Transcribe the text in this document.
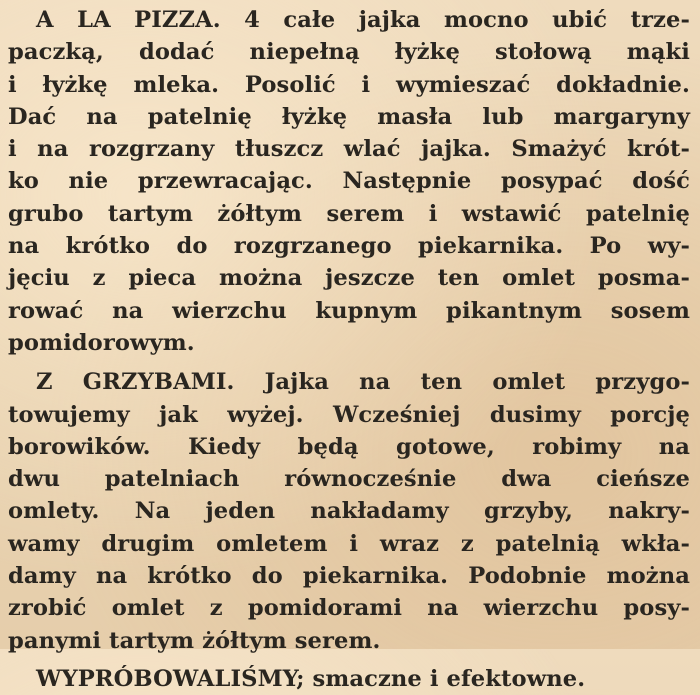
A LA PIZZA. 4 całe jajka mocno ubić trze-
paczką, dodać niepełną łyżkę stołową mąki
i łyżkę mleka. Posolić i wymieszać dokładnie.
Dać na patelnię łyżkę masła lub margaryny
i na rozgrzany tłuszcz wlać jajka. Smażyć krót-
ko nie przewracając. Następnie posypać dość
grubo tartym żółtym serem i wstawić patelnię
na krótko do rozgrzanego piekarnika. Po wy-
jęciu z pieca można jeszcze ten omlet posma-
rować na wierzchu kupnym pikantnym sosem
pomidorowym.
Z GRZYBAMI. Jajka na ten omlet przygo-
towujemy jak wyżej. Wcześniej dusimy porcję
borowików. Kiedy będą gotowe, robimy na
dwu patelniach równocześnie dwa cieńsze
omlety. Na jeden nakładamy grzyby, nakry-
wamy drugim omletem i wraz z patelnią wkła-
damy na krótko do piekarnika. Podobnie można
zrobić omlet z pomidorami na wierzchu posy-
panymi tartym żółtym serem.
WYPRÓBOWALIŚMY; smaczne i efektowne.
